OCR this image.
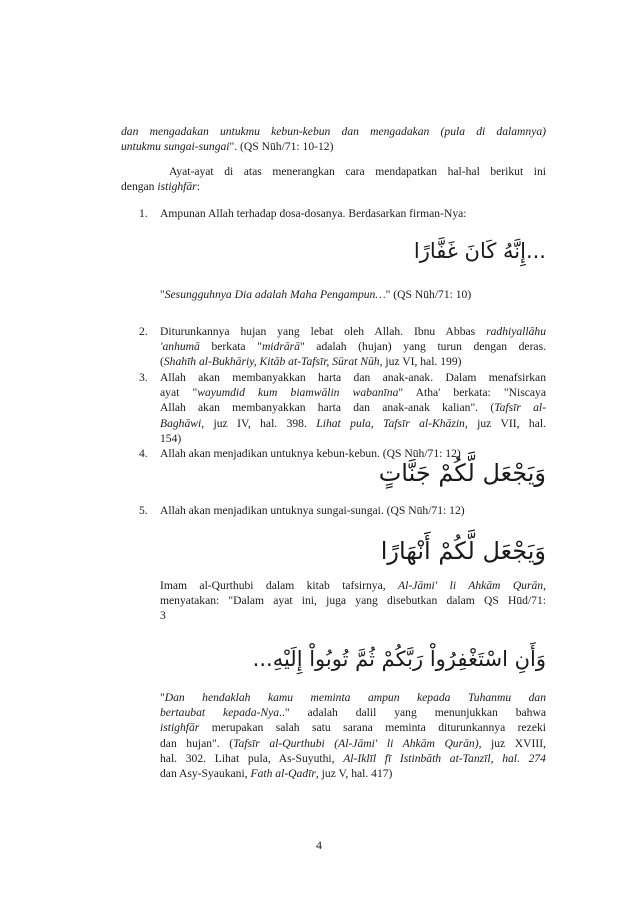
dan mengadakan untukmu kebun-kebun dan mengadakan (pula di dalamnya)
untukmu sungai-sungai". (QS Nūh/71: 10-12)
Ayat-ayat di atas menerangkan cara mendapatkan hal-hal berikut ini
dengan istighfār:
1. Ampunan Allah terhadap dosa-dosanya. Berdasarkan firman-Nya:
...إِنَّهُ كَانَ غَفَّارًا
"Sesungguhnya Dia adalah Maha Pengampun…" (QS Nūh/71: 10)
2. Diturunkannya hujan yang lebat oleh Allah. Ibnu Abbas radhiyallāhu
'anhumā berkata "midrārā" adalah (hujan) yang turun dengan deras.
(Shahīh al-Bukhāriy, Kitāb at-Tafsīr, Sūrat Nūh, juz VI, hal. 199)
3. Allah akan membanyakkan harta dan anak-anak. Dalam menafsirkan
ayat "wayumdid kum biamwālin wabanīna" Atha' berkata: "Niscaya
Allah akan membanyakkan harta dan anak-anak kalian". (Tafsīr al-
Baghāwi, juz IV, hal. 398. Lihat pula, Tafsīr al-Khāzin, juz VII, hal.
154)
4. Allah akan menjadikan untuknya kebun-kebun. (QS Nūh/71: 12)
وَيَجْعَل لَّكُمْ جَنَّاتٍ
5. Allah akan menjadikan untuknya sungai-sungai. (QS Nūh/71: 12)
وَيَجْعَل لَّكُمْ أَنْهَارًا
Imam al-Qurthubi dalam kitab tafsirnya, Al-Jāmi' li Ahkām Qurān,
menyatakan: "Dalam ayat ini, juga yang disebutkan dalam QS Hūd/71:
3
وَأَنِ اسْتَغْفِرُواْ رَبَّكُمْ ثُمَّ تُوبُواْ إِلَيْهِ...
"Dan hendaklah kamu meminta ampun kepada Tuhanmu dan
bertaubat kepada-Nya.." adalah dalil yang menunjukkan bahwa
istighfār merupakan salah satu sarana meminta diturunkannya rezeki
dan hujan". (Tafsīr al-Qurthubi (Al-Jāmi' li Ahkām Qurān), juz XVIII,
hal. 302. Lihat pula, As-Suyuthi, Al-Iklīl fī Istinbāth at-Tanzīl, hal. 274
dan Asy-Syaukani, Fath al-Qadīr, juz V, hal. 417)
4
